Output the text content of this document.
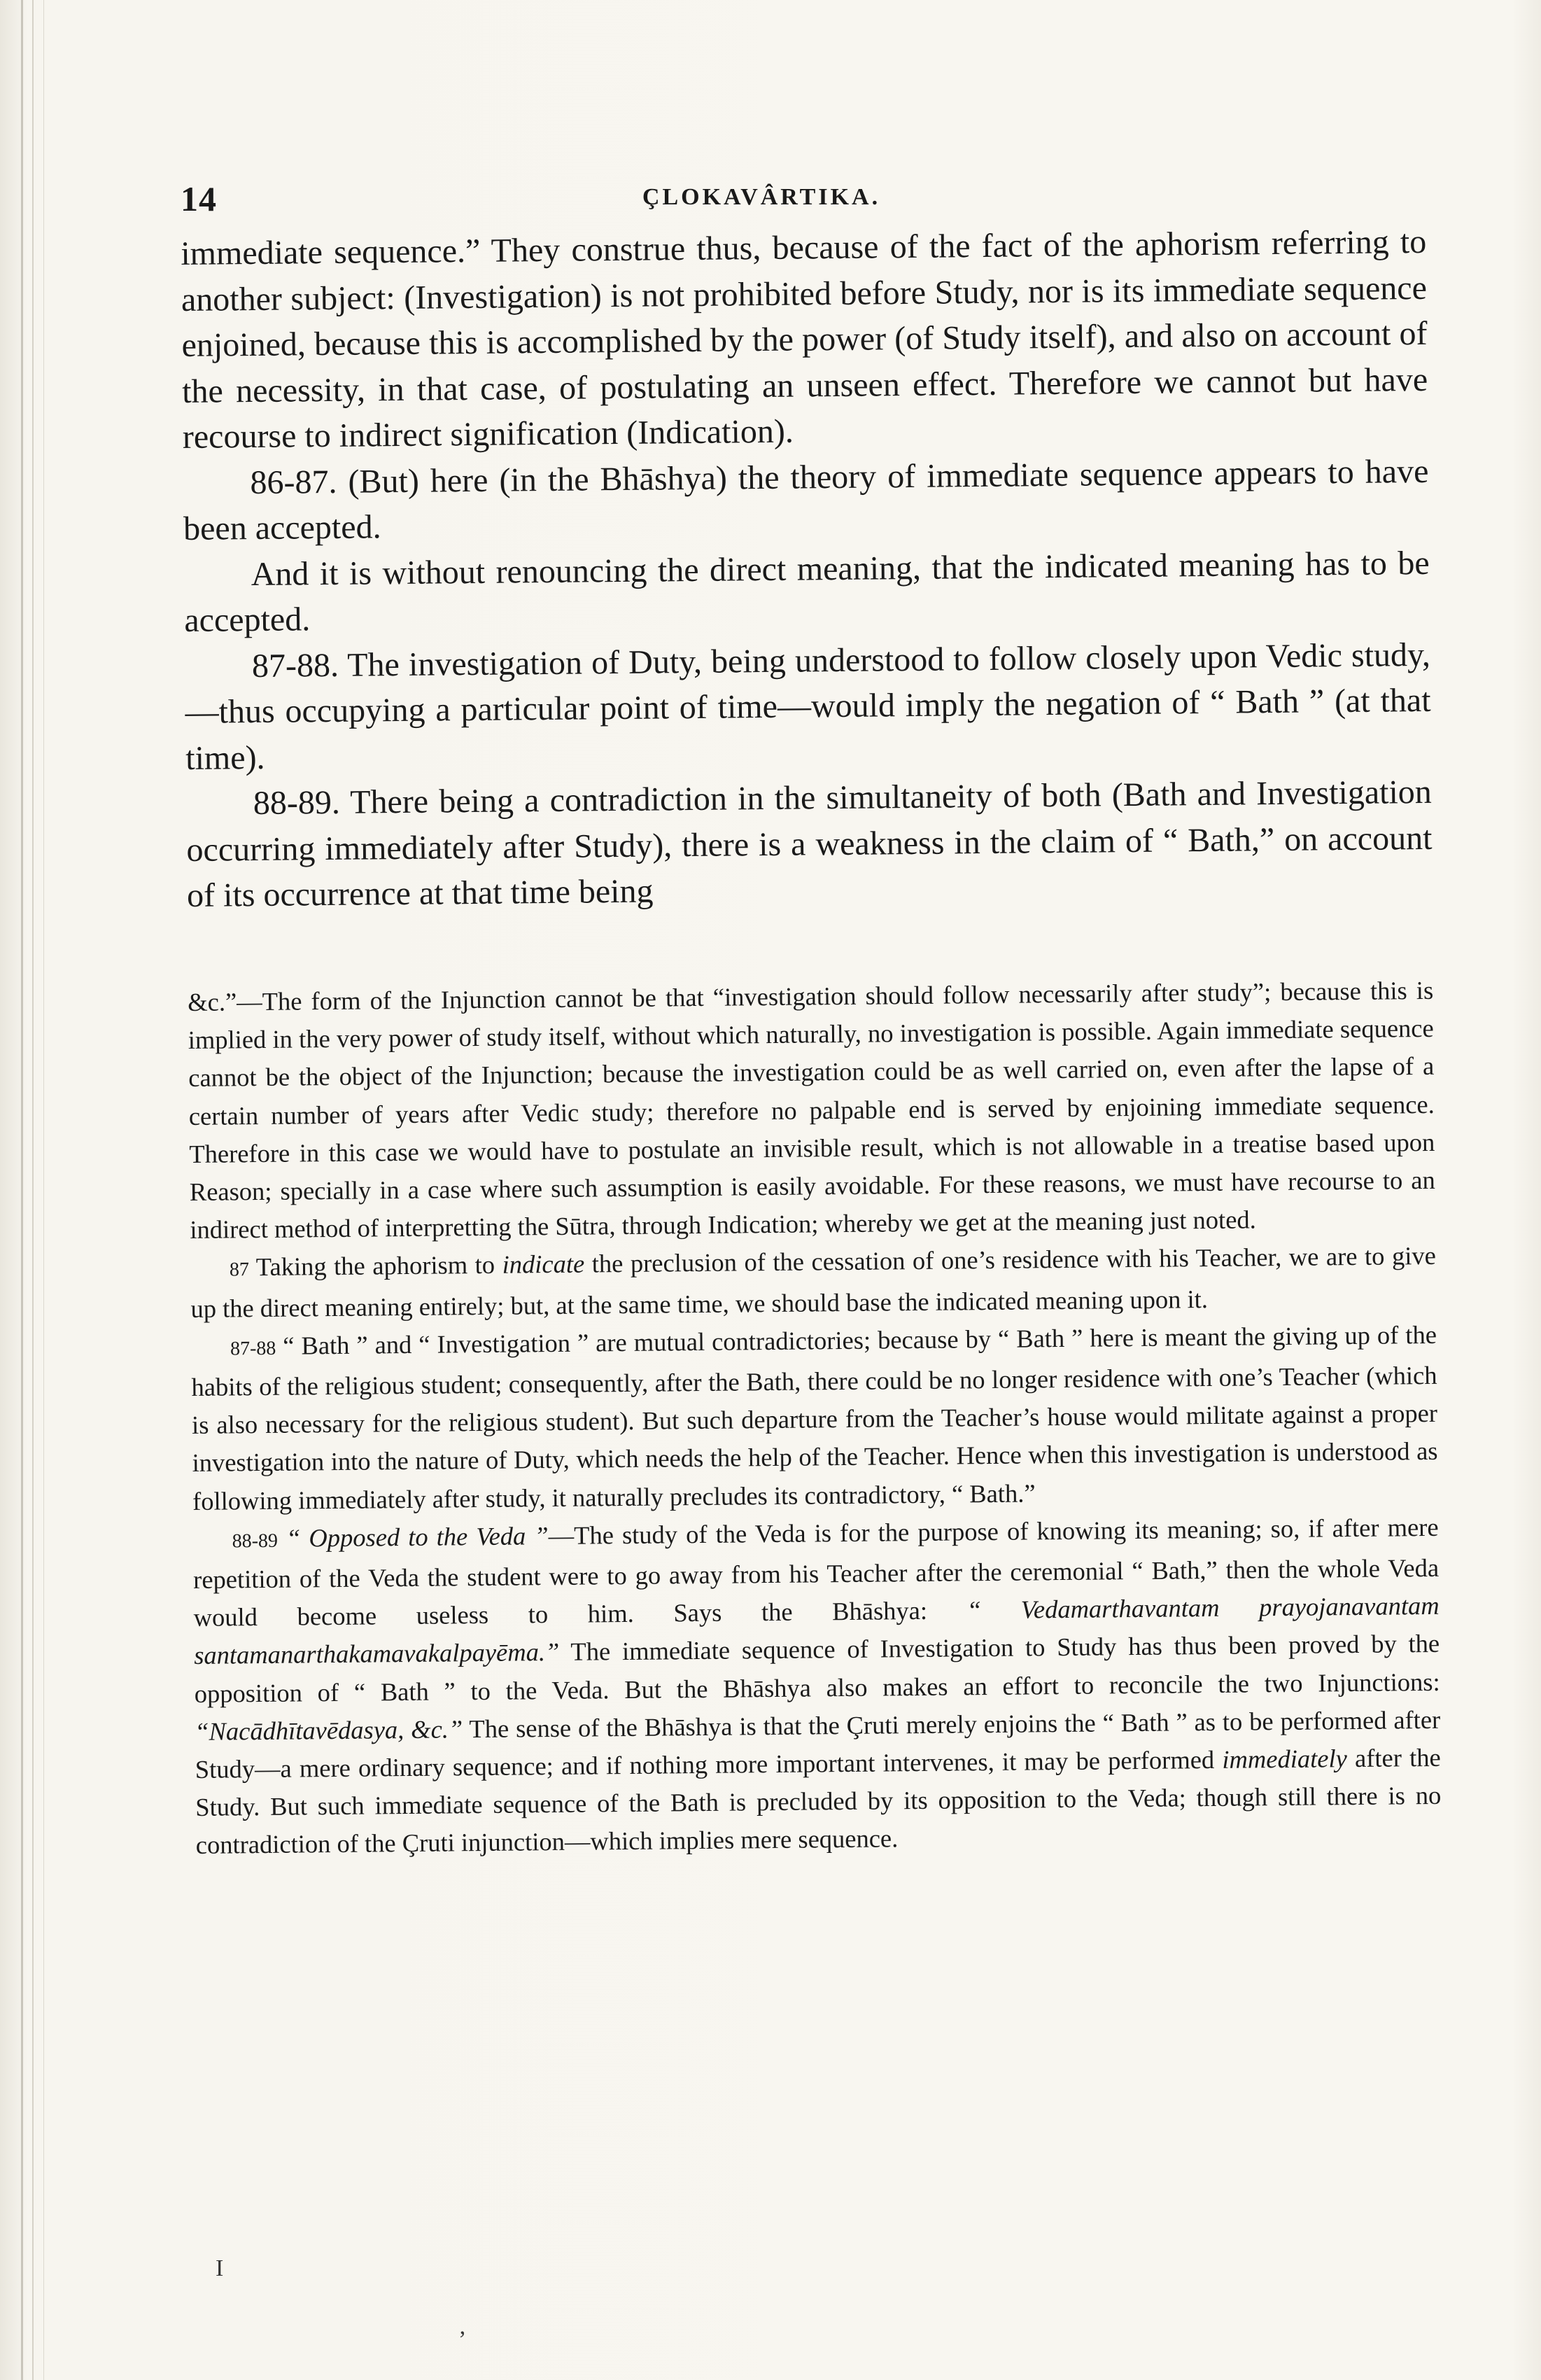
14	ÇLOKAVÂRTIKA.

immediate sequence.” They construe thus, because of the fact of the aphorism referring to another subject: (Investigation) is not prohibited before Study, nor is its immediate sequence enjoined, because this is accomplished by the power (of Study itself), and also on account of the necessity, in that case, of postulating an unseen effect. Therefore we cannot but have recourse to indirect signification (Indication).

86-87. (But) here (in the Bhāshya) the theory of immediate sequence appears to have been accepted.

And it is without renouncing the direct meaning, that the indicated meaning has to be accepted.

87-88. The investigation of Duty, being understood to follow closely upon Vedic study,—thus occupying a particular point of time—would imply the negation of “ Bath ” (at that time).

88-89. There being a contradiction in the simultaneity of both (Bath and Investigation occurring immediately after Study), there is a weakness in the claim of “ Bath,” on account of its occurrence at that time being

&c.”—The form of the Injunction cannot be that “investigation should follow necessarily after study”; because this is implied in the very power of study itself, without which naturally, no investigation is possible. Again immediate sequence cannot be the object of the Injunction; because the investigation could be as well carried on, even after the lapse of a certain number of years after Vedic study; therefore no palpable end is served by enjoining immediate sequence. Therefore in this case we would have to postulate an invisible result, which is not allowable in a treatise based upon Reason; specially in a case where such assumption is easily avoidable. For these reasons, we must have recourse to an indirect method of interpretting the Sūtra, through Indication; whereby we get at the meaning just noted.

87 Taking the aphorism to indicate the preclusion of the cessation of one’s residence with his Teacher, we are to give up the direct meaning entirely; but, at the same time, we should base the indicated meaning upon it.

87-88 “ Bath ” and “ Investigation ” are mutual contradictories; because by “ Bath ” here is meant the giving up of the habits of the religious student; consequently, after the Bath, there could be no longer residence with one’s Teacher (which is also necessary for the religious student). But such departure from the Teacher’s house would militate against a proper investigation into the nature of Duty, which needs the help of the Teacher. Hence when this investigation is understood as following immediately after study, it naturally precludes its contradictory, “ Bath.”

88-89 “ Opposed to the Veda ”—The study of the Veda is for the purpose of knowing its meaning; so, if after mere repetition of the Veda the student were to go away from his Teacher after the ceremonial “ Bath,” then the whole Veda would become useless to him. Says the Bhāshya: “ Vedamarthavantam prayojanavantam santamanarthakamavakalpayēma.” The immediate sequence of Investigation to Study has thus been proved by the opposition of “ Bath ” to the Veda. But the Bhāshya also makes an effort to reconcile the two Injunctions: “Nacādhītavēdasya, &c.” The sense of the Bhāshya is that the Çruti merely enjoins the “ Bath ” as to be performed after Study—a mere ordinary sequence; and if nothing more important intervenes, it may be performed immediately after the Study. But such immediate sequence of the Bath is precluded by its opposition to the Veda; though still there is no contradiction of the Çruti injunction—which implies mere sequence.

I
‚
